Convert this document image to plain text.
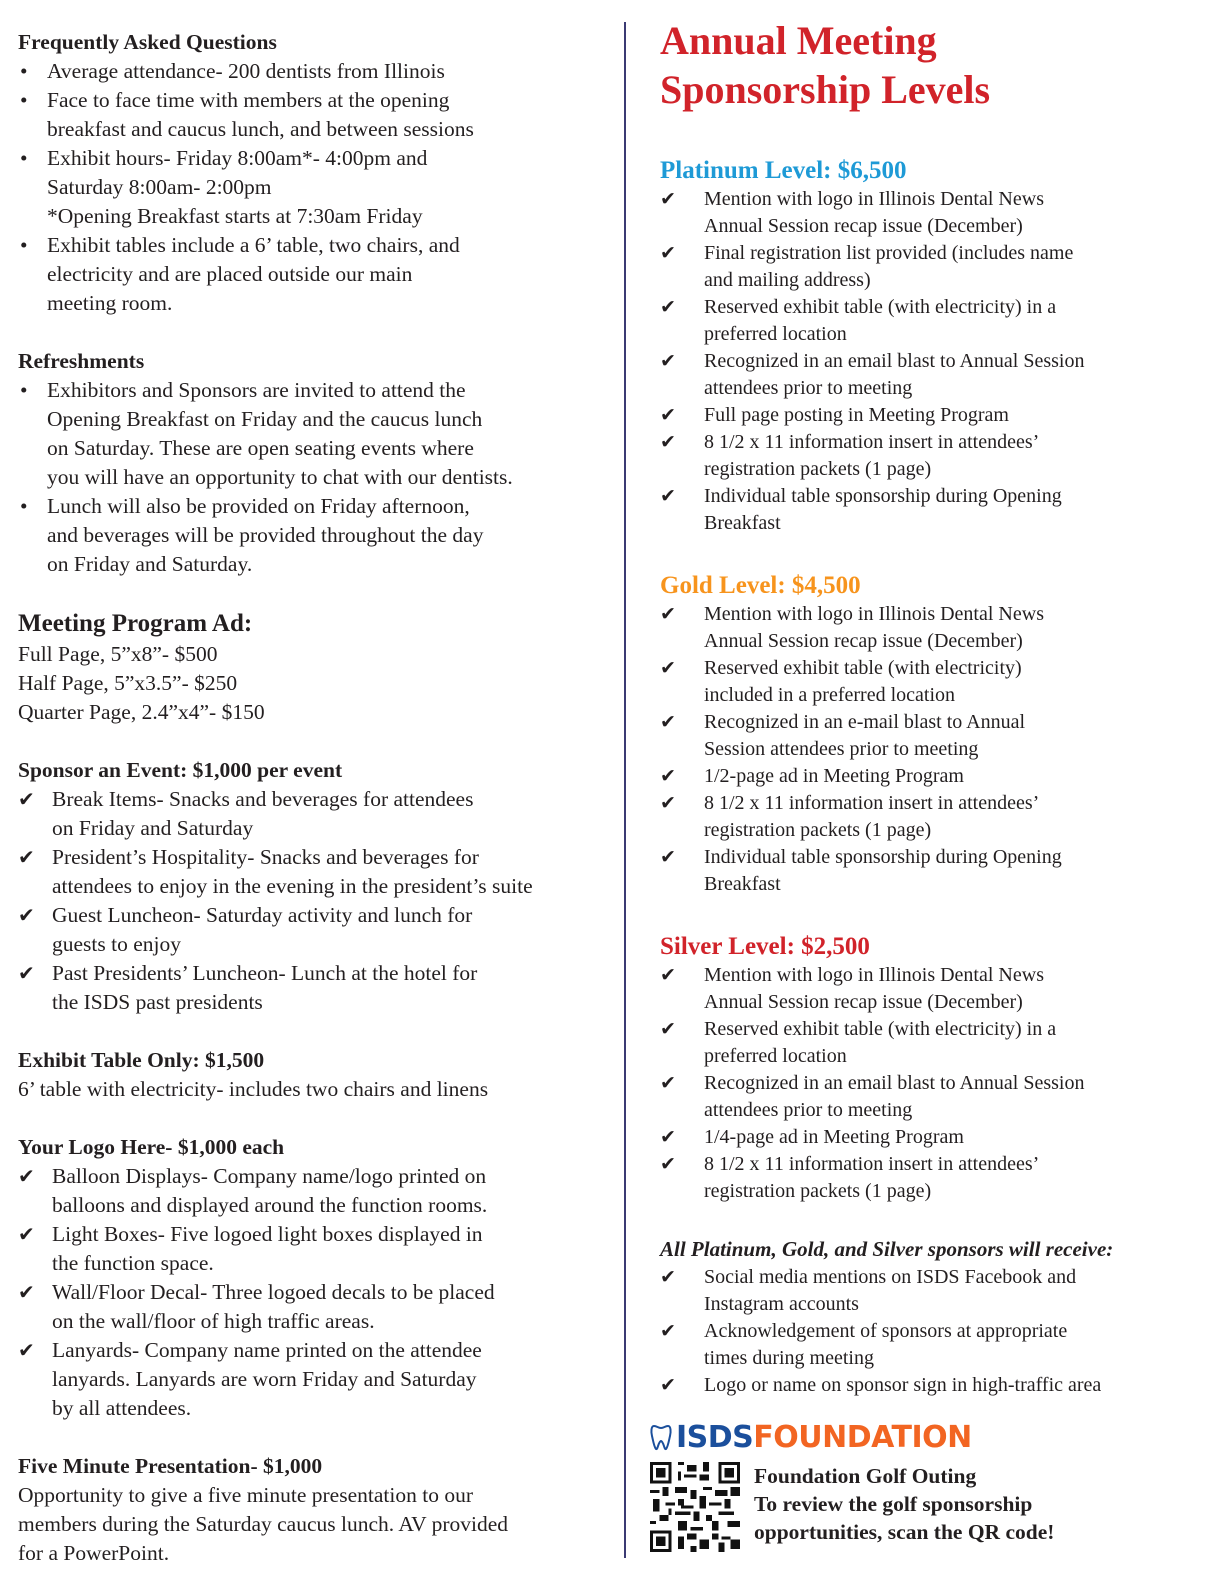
Frequently Asked Questions
• Average attendance- 200 dentists from Illinois
• Face to face time with members at the opening
breakfast and caucus lunch, and between sessions
• Exhibit hours- Friday 8:00am*- 4:00pm and
Saturday 8:00am- 2:00pm
*Opening Breakfast starts at 7:30am Friday
• Exhibit tables include a 6’ table, two chairs, and
electricity and are placed outside our main
meeting room.
Refreshments
• Exhibitors and Sponsors are invited to attend the
Opening Breakfast on Friday and the caucus lunch
on Saturday. These are open seating events where
you will have an opportunity to chat with our dentists.
• Lunch will also be provided on Friday afternoon,
and beverages will be provided throughout the day
on Friday and Saturday.
Meeting Program Ad:
Full Page, 5”x8”- $500
Half Page, 5”x3.5”- $250
Quarter Page, 2.4”x4”- $150
Sponsor an Event: $1,000 per event
✔ Break Items- Snacks and beverages for attendees
on Friday and Saturday
✔ President’s Hospitality- Snacks and beverages for
attendees to enjoy in the evening in the president’s suite
✔ Guest Luncheon- Saturday activity and lunch for
guests to enjoy
✔ Past Presidents’ Luncheon- Lunch at the hotel for
the ISDS past presidents
Exhibit Table Only: $1,500
6’ table with electricity- includes two chairs and linens
Your Logo Here- $1,000 each
✔ Balloon Displays- Company name/logo printed on
balloons and displayed around the function rooms.
✔ Light Boxes- Five logoed light boxes displayed in
the function space.
✔ Wall/Floor Decal- Three logoed decals to be placed
on the wall/floor of high traffic areas.
✔ Lanyards- Company name printed on the attendee
lanyards. Lanyards are worn Friday and Saturday
by all attendees.
Five Minute Presentation- $1,000
Opportunity to give a five minute presentation to our
members during the Saturday caucus lunch. AV provided
for a PowerPoint.
Annual Meeting
Sponsorship Levels
Platinum Level: $6,500
✔ Mention with logo in Illinois Dental News
Annual Session recap issue (December)
✔ Final registration list provided (includes name
and mailing address)
✔ Reserved exhibit table (with electricity) in a
preferred location
✔ Recognized in an email blast to Annual Session
attendees prior to meeting
✔ Full page posting in Meeting Program
✔ 8 1/2 x 11 information insert in attendees’
registration packets (1 page)
✔ Individual table sponsorship during Opening
Breakfast
Gold Level: $4,500
✔ Mention with logo in Illinois Dental News
Annual Session recap issue (December)
✔ Reserved exhibit table (with electricity)
included in a preferred location
✔ Recognized in an e-mail blast to Annual
Session attendees prior to meeting
✔ 1/2-page ad in Meeting Program
✔ 8 1/2 x 11 information insert in attendees’
registration packets (1 page)
✔ Individual table sponsorship during Opening
Breakfast
Silver Level: $2,500
✔ Mention with logo in Illinois Dental News
Annual Session recap issue (December)
✔ Reserved exhibit table (with electricity) in a
preferred location
✔ Recognized in an email blast to Annual Session
attendees prior to meeting
✔ 1/4-page ad in Meeting Program
✔ 8 1/2 x 11 information insert in attendees’
registration packets (1 page)
All Platinum, Gold, and Silver sponsors will receive:
✔ Social media mentions on ISDS Facebook and
Instagram accounts
✔ Acknowledgement of sponsors at appropriate
times during meeting
✔ Logo or name on sponsor sign in high-traffic area
ISDS FOUNDATION
Foundation Golf Outing
To review the golf sponsorship
opportunities, scan the QR code!
